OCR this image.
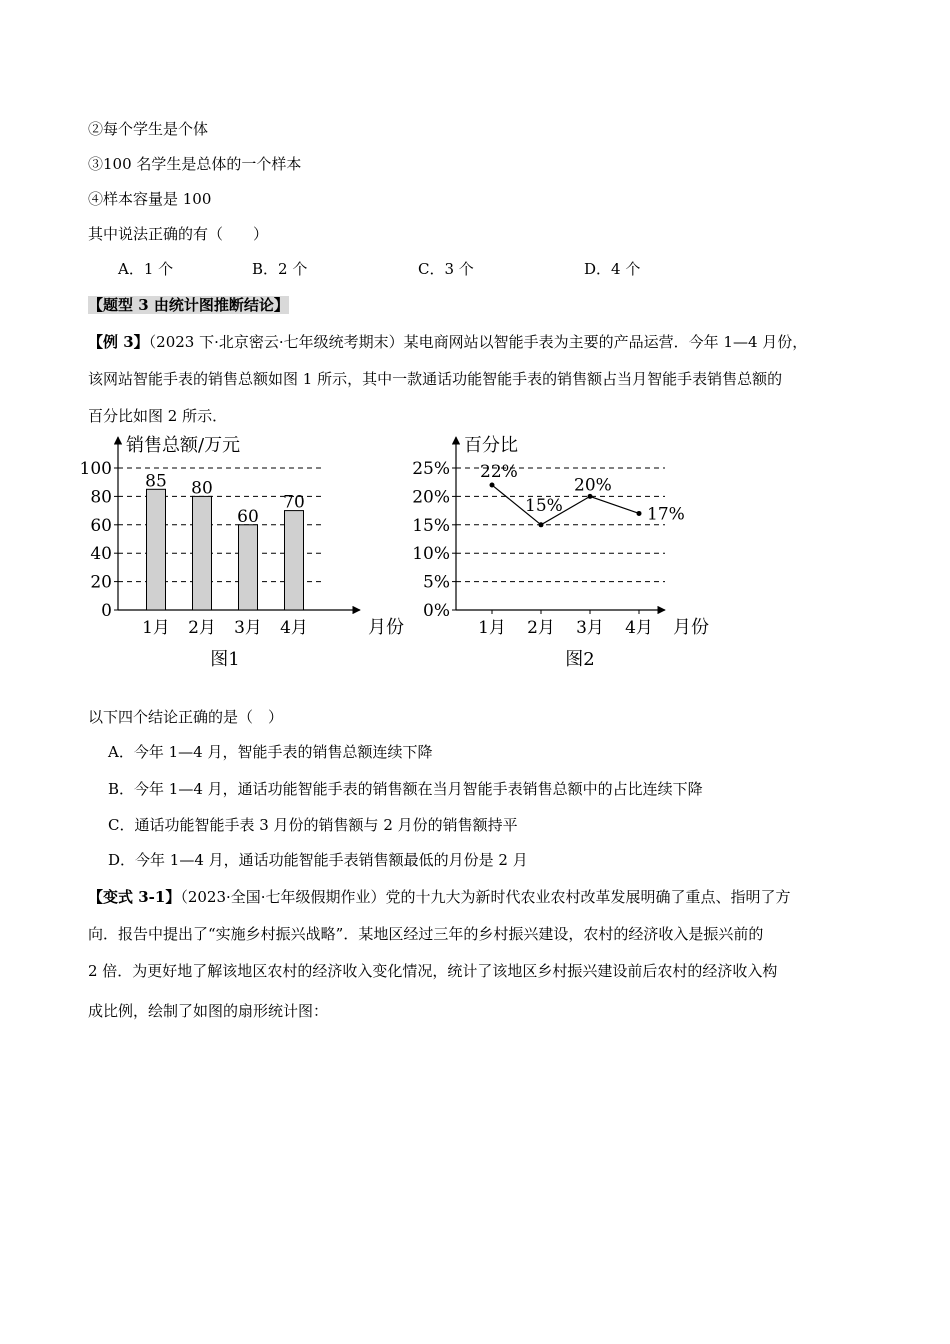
②每个学生是个体
③100 名学生是总体的一个样本
④样本容量是 100
其中说法正确的有（　　）
A．1 个	B．2 个	C．3 个	D．4 个
【题型 3 由统计图推断结论】
【例 3】（2023 下·北京密云·七年级统考期末）某电商网站以智能手表为主要的产品运营．今年 1—4 月份，
该网站智能手表的销售总额如图 1 所示，其中一款通话功能智能手表的销售额占当月智能手表销售总额的
百分比如图 2 所示．
0
20
40
60
80
100
销售总额/万元
月份
图1
85
1月
80
2月
60
3月
70
4月
0%
5%
10%
15%
20%
25%
百分比
月份
图2
22%
1月
15%
2月
20%
3月
17%
4月
以下四个结论正确的是（　）
A．今年 1—4 月，智能手表的销售总额连续下降
B．今年 1—4 月，通话功能智能手表的销售额在当月智能手表销售总额中的占比连续下降
C．通话功能智能手表 3 月份的销售额与 2 月份的销售额持平
D．今年 1—4 月，通话功能智能手表销售额最低的月份是 2 月
【变式 3-1】（2023·全国·七年级假期作业）党的十九大为新时代农业农村改革发展明确了重点、指明了方
向．报告中提出了“实施乡村振兴战略”．某地区经过三年的乡村振兴建设，农村的经济收入是振兴前的
2 倍．为更好地了解该地区农村的经济收入变化情况，统计了该地区乡村振兴建设前后农村的经济收入构
成比例，绘制了如图的扇形统计图：
